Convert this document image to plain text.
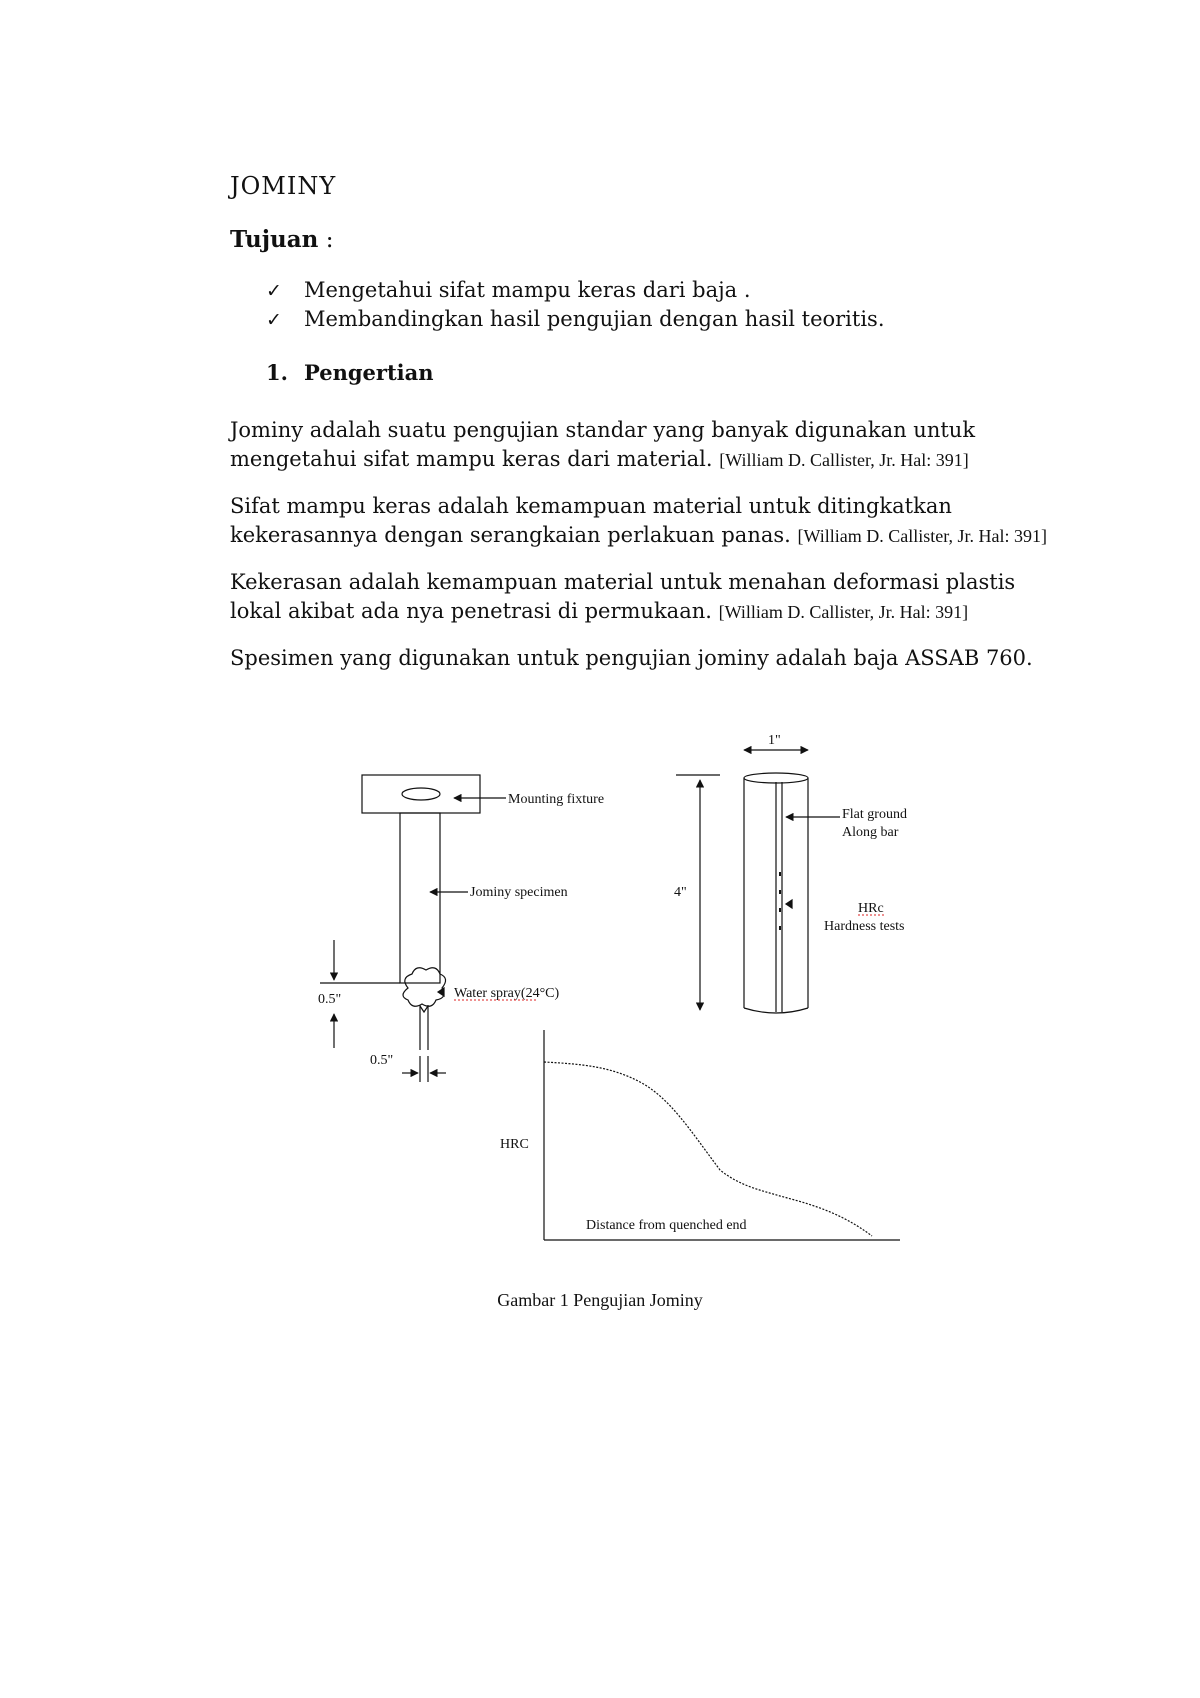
JOMINY
Tujuan :
✓ Mengetahui sifat mampu keras dari baja .
✓ Membandingkan hasil pengujian dengan hasil teoritis.
1. Pengertian

Jominy adalah suatu pengujian standar yang banyak digunakan untuk mengetahui sifat mampu keras dari material. [William D. Callister, Jr. Hal: 391]

Sifat mampu keras adalah kemampuan material untuk ditingkatkan kekerasannya dengan serangkaian perlakuan panas. [William D. Callister, Jr. Hal: 391]

Kekerasan adalah kemampuan material untuk menahan deformasi plastis lokal akibat ada nya penetrasi di permukaan. [William D. Callister, Jr. Hal: 391]

Spesimen yang digunakan untuk pengujian jominy adalah baja ASSAB 760.

Mounting fixture
Jominy specimen
Water spray(24°C)
0.5"
0.5"
1"
4"
Flat ground
Along bar
HRc
Hardness tests
HRC
Distance from quenched end
Gambar 1 Pengujian Jominy
